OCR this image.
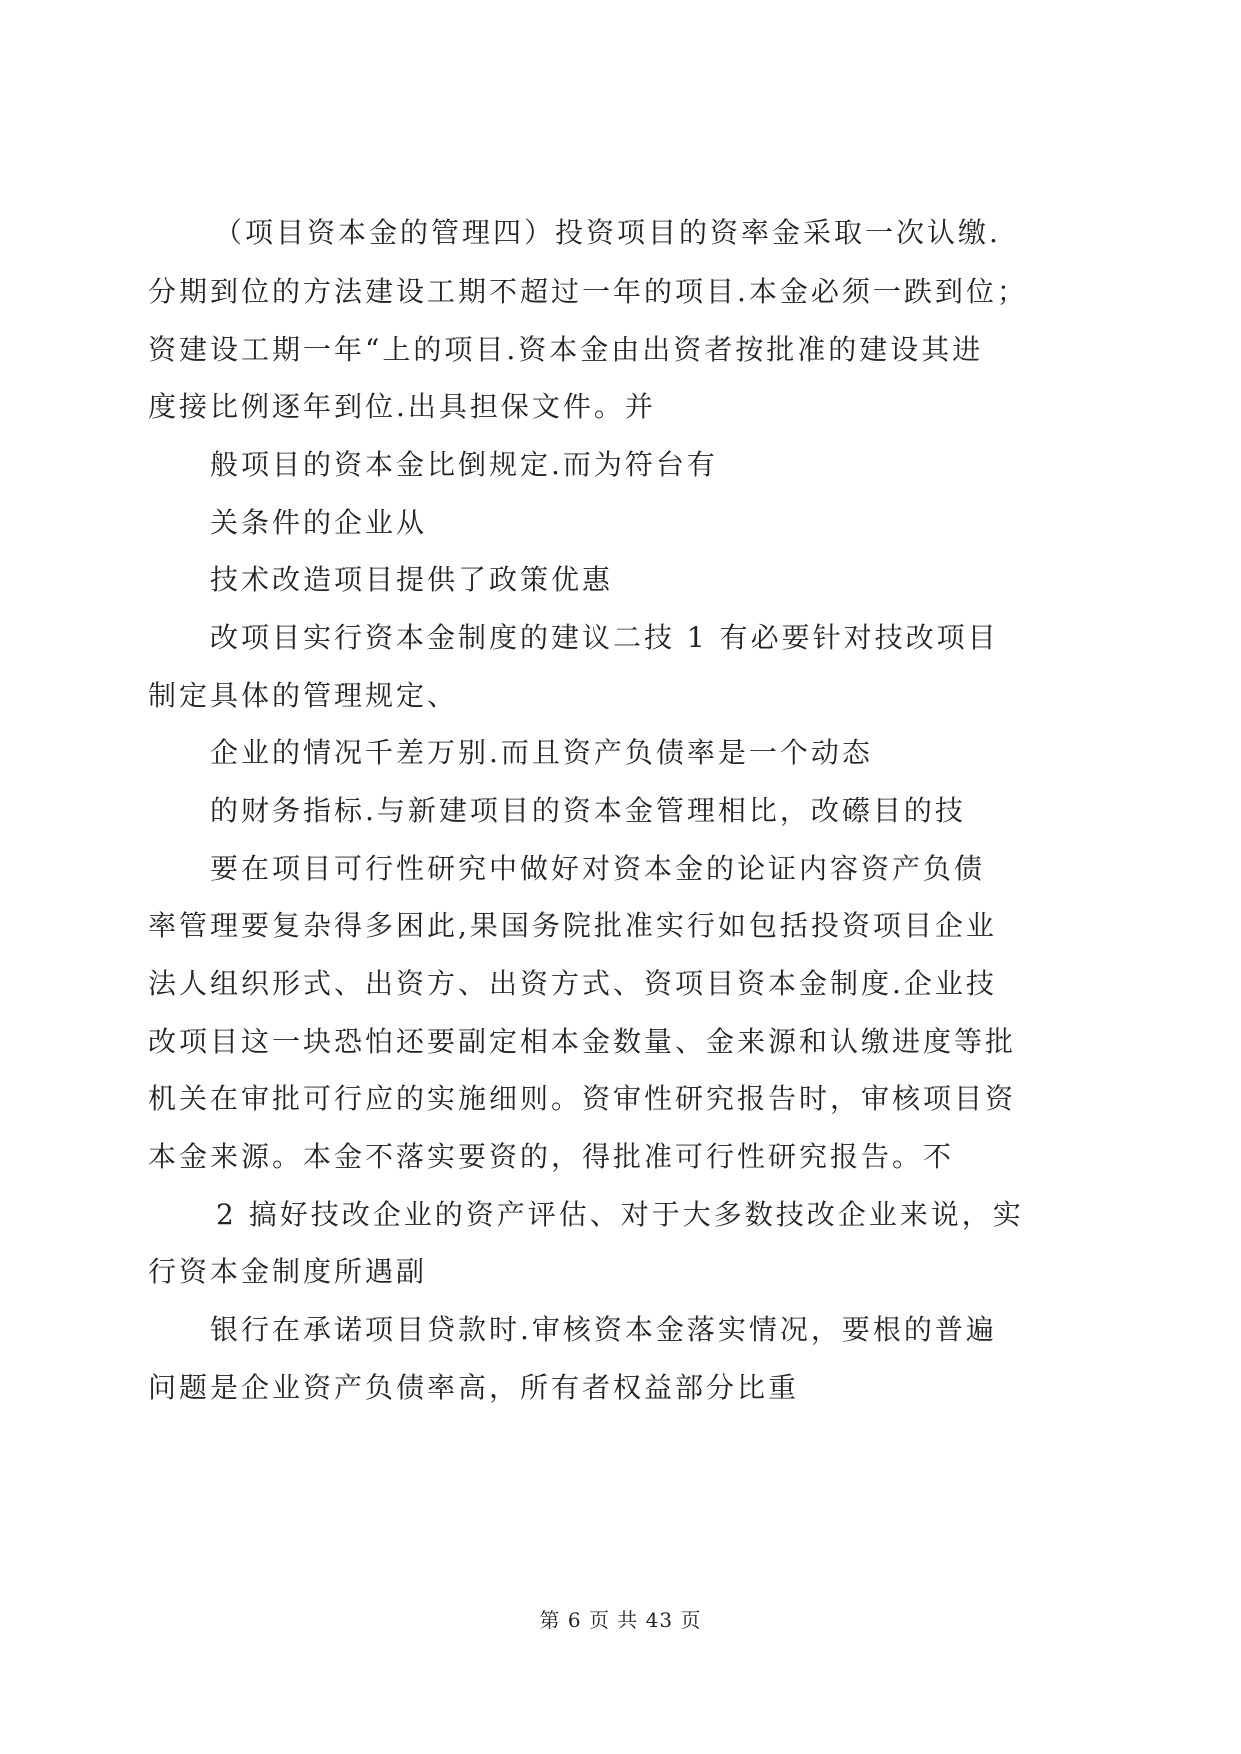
（项目资本金的管理四）投资项目的资率金采取一次认缴.
分期到位的方法建设工期不超过一年的项目.本金必须一跌到位；
资建设工期一年“上的项目.资本金由出资者按批准的建设其进
度接比例逐年到位.出具担保文件。并
般项目的资本金比倒规定.而为符台有
关条件的企业从
技术改造项目提供了政策优惠
改项目实行资本金制度的建议二技 1 有必要针对技改项目
制定具体的管理规定、
企业的情况千差万别.而且资产负债率是一个动态
的财务指标.与新建项目的资本金管理相比，改礤目的技
要在项目可行性研究中做好对资本金的论证内容资产负债
率管理要复杂得多困此,果国务院批准实行如包括投资项目企业
法人组织形式、出资方、出资方式、资项目资本金制度.企业技
改项目这一块恐怕还要副定相本金数量、金来源和认缴进度等批
机关在审批可行应的实施细则。资审性研究报告时，审核项目资
本金来源。本金不落实要资的，得批准可行性研究报告。不
2 搞好技改企业的资产评估、对于大多数技改企业来说，实
行资本金制度所遇副
银行在承诺项目贷款时.审核资本金落实情况，要根的普遍
问题是企业资产负债率高，所有者权益部分比重
第 6 页 共 43 页
